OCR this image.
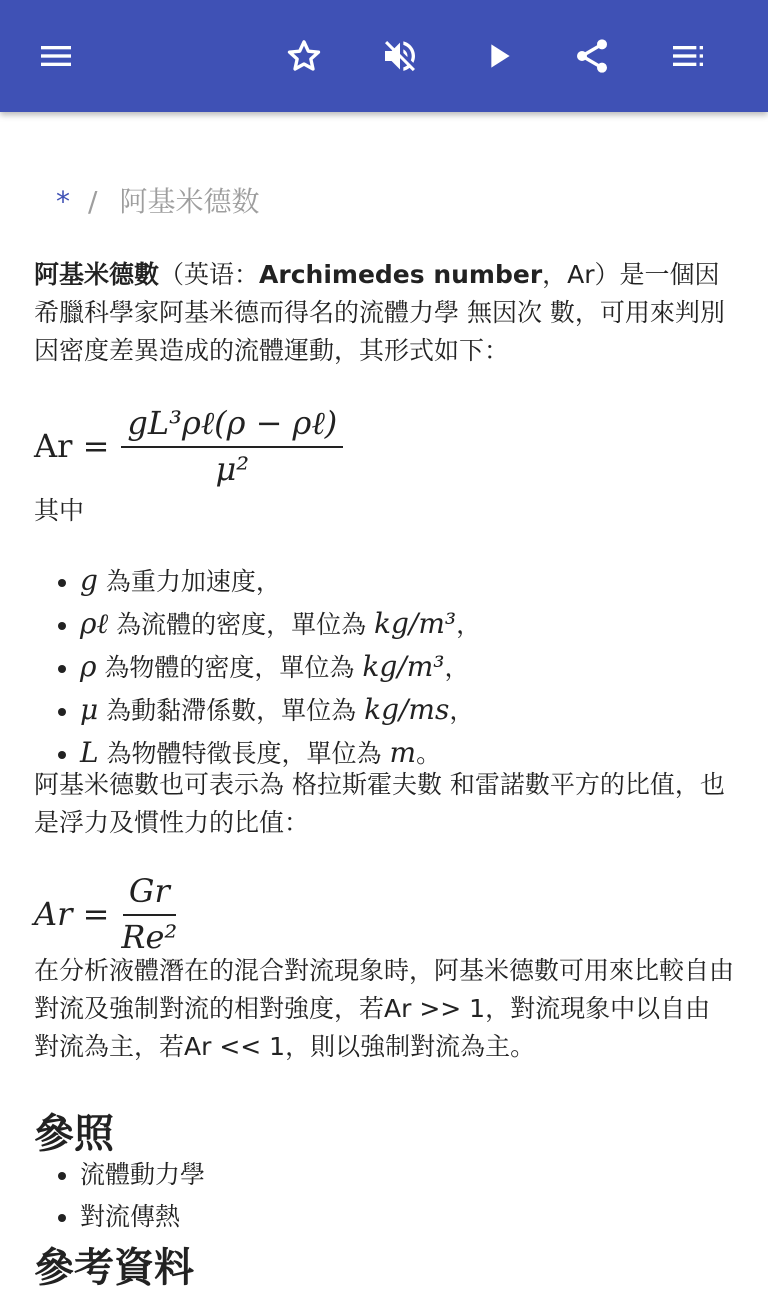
* / 阿基米德数

阿基米德數（英语：Archimedes number，Ar）是一個因希臘科學家阿基米德而得名的流體力學 無因次 數，可用來判別因密度差異造成的流體運動，其形式如下：

$Ar = \frac{\text{gL³ρℓ(ρ − ρℓ)}}{\text{μ²}}$

其中

• g 為重力加速度，
• ρℓ 為流體的密度，單位為 kg/m³，
• ρ 為物體的密度，單位為 kg/m³，
• μ 為動黏滯係數，單位為 kg/ms，
• L 為物體特徵長度，單位為 m。

阿基米德數也可表示為 格拉斯霍夫數 和雷諾數平方的比值，也是浮力及慣性力的比值：

$Ar = \frac{Gr}{\text{Re²}}$

在分析液體潛在的混合對流現象時，阿基米德數可用來比較自由對流及強制對流的相對強度，若Ar >> 1，對流現象中以自由對流為主，若Ar << 1，則以強制對流為主。

參照
• 流體動力學
• 對流傳熱
參考資料
